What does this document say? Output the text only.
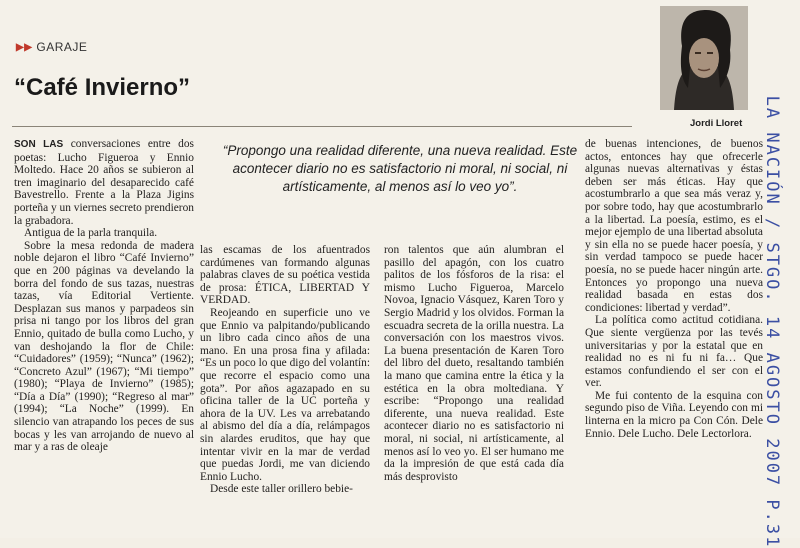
▶▶ GARAJE
“Café Invierno”
Jordi Lloret
“Propongo una realidad diferente, una nueva realidad. Este acontecer diario no es satisfactorio ni moral, ni social, ni artísticamente, al menos así lo veo yo”.

SON LAS conversaciones entre dos poetas: Lucho Figueroa y Ennio Moltedo. Hace 20 años se subieron al tren imaginario del desaparecido café Bavestrello. Frente a la Plaza Jigins porteña y un viernes secreto prendieron la grabadora.

Antigua de la parla tranquila.

Sobre la mesa redonda de madera noble dejaron el libro “Café Invierno” que en 200 páginas va develando la borra del fondo de sus tazas, nuestras tazas, vía Editorial Vertiente. Desplazan sus manos y parpadeos sin prisa ni tango por los libros del gran Ennio, quitado de bulla como Lucho, y van deshojando la flor de Chile: “Cuidadores” (1959); “Nunca” (1962); “Concreto Azul” (1967); “Mi tiempo” (1980); “Playa de Invierno” (1985); “Día a Día” (1990); “Regreso al mar” (1994); “La Noche” (1999). En silencio van atrapando los peces de sus bocas y les van arrojando de nuevo al mar y a ras de oleaje

las escamas de los afuentrados cardúmenes van formando algunas palabras claves de su poética vestida de prosa: ÉTICA, LIBERTAD Y VERDAD.

Reojeando en superficie uno ve que Ennio va palpitando/publicando un libro cada cinco años de una mano. En una prosa fina y afilada: “Es un poco lo que digo del volantín: que recorre el espacio como una gota”. Por años agazapado en su oficina taller de la UC porteña y ahora de la UV. Les va arrebatando al abismo del día a día, relámpagos sin alardes eruditos, que hay que intentar vivir en la mar de verdad que puedas Jordi, me van diciendo Ennio Lucho.

Desde este taller orillero bebie-

ron talentos que aún alumbran el pasillo del apagón, con los cuatro palitos de los fósforos de la risa: el mismo Lucho Figueroa, Marcelo Novoa, Ignacio Vásquez, Karen Toro y Sergio Madrid y los olvidos. Forman la escuadra secreta de la orilla nuestra. La conversación con los maestros vivos. La buena presentación de Karen Toro del libro del dueto, resaltando también la mano que camina entre la ética y la estética en la obra moltediana. Y escribe: “Propongo una realidad diferente, una nueva realidad. Este acontecer diario no es satisfactorio ni moral, ni social, ni artísticamente, al menos así lo veo yo. El ser humano me da la impresión de que está cada día más desprovisto

de buenas intenciones, de buenos actos, entonces hay que ofrecerle algunas nuevas alternativas y éstas deben ser más éticas. Hay que acostumbrarlo a que sea más veraz y, por sobre todo, hay que acostumbrarlo a la libertad. La poesía, estimo, es el mejor ejemplo de una libertad absoluta y sin ella no se puede hacer poesía, y sin verdad tampoco se puede hacer poesía, no se puede hacer ningún arte. Entonces yo propongo una nueva realidad basada en estas dos condiciones: libertad y verdad”.

La política como actitud cotidiana. Que siente vergüenza por las tevés universitarias y por la estatal que en realidad no es ni fu ni fa… Que estamos confundiendo el ser con el ver.

Me fui contento de la esquina con segundo piso de Viña. Leyendo con mi linterna en la micro pa Con Cón. Dele Ennio. Dele Lucho. Dele Lectorlora. LA NACIÓN / STGO. 14 AGOSTO 2007 P.31
